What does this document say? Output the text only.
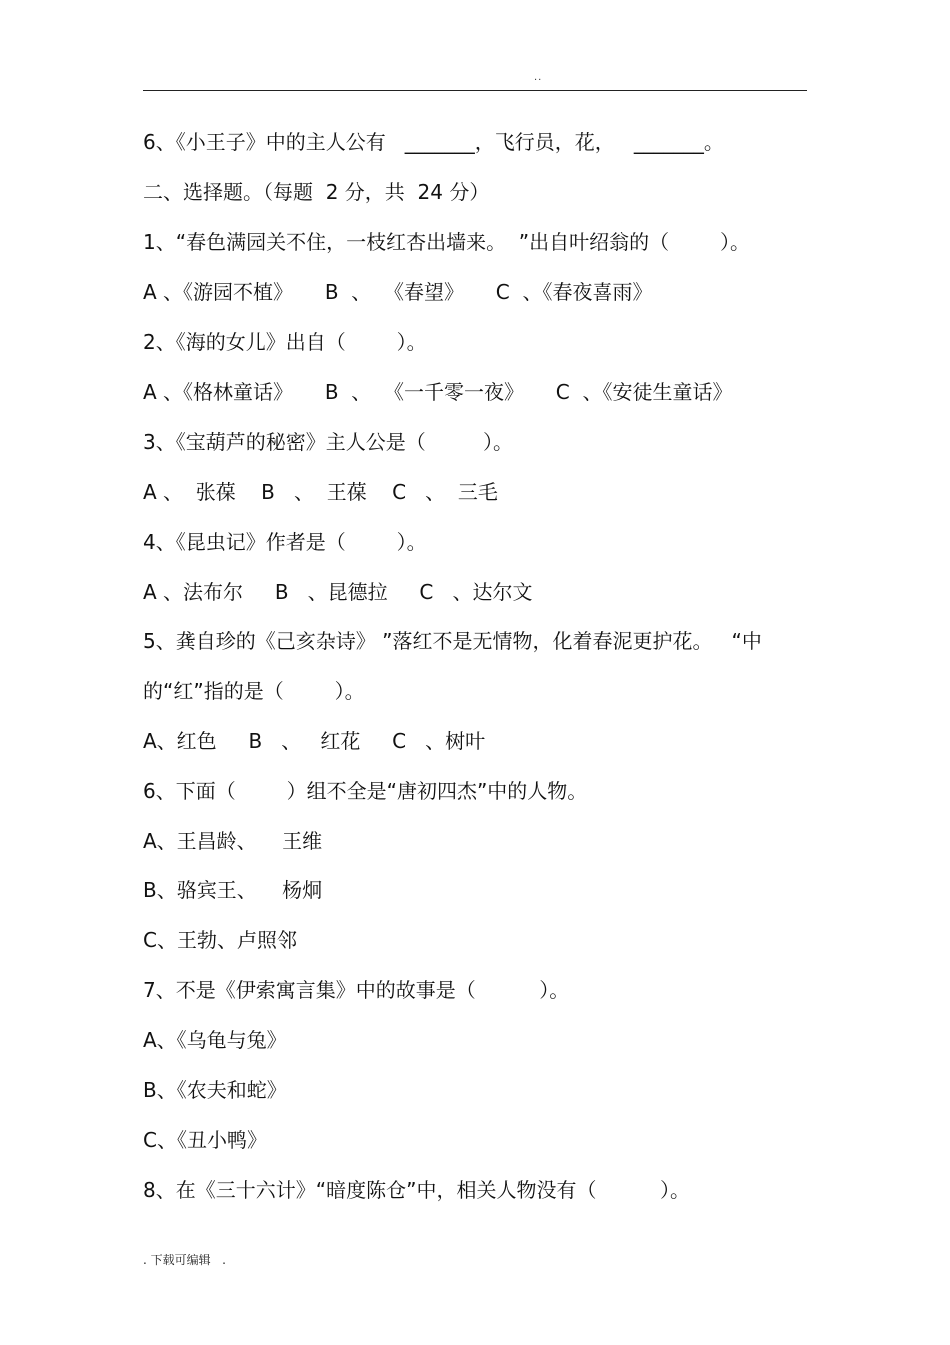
..
6、《小王子》中的主人公有   _______，飞行员，花，   _______。
二、选择题。（每题  2 分，共  24 分）
1、“春色满园关不住，一枝红杏出墙来。  ”出自叶绍翁的（        ）。
A 、《游园不植》     B  、  《春望》     C  、《春夜喜雨》
2、《海的女儿》出自（        ）。
A 、《格林童话》     B  、  《一千零一夜》     C  、《安徒生童话》
3、《宝葫芦的秘密》主人公是（         ）。
A 、  张葆    B   、  王葆    C   、  三毛
4、《昆虫记》作者是（        ）。
A 、法布尔     B   、昆德拉     C   、达尔文
5、龚自珍的《己亥杂诗》 ”落红不是无情物，化着春泥更护花。   “中
的“红”指的是（        ）。
A、红色     B   、   红花     C   、树叶
6、下面（        ）组不全是“唐初四杰”中的人物。
A、王昌龄、    王维
B、骆宾王、    杨炯
C、王勃、卢照邻
7、不是《伊索寓言集》中的故事是（          ）。
A、《乌龟与兔》
B、《农夫和蛇》
C、《丑小鸭》
8、在《三十六计》“暗度陈仓”中，相关人物没有（          ）。
. 下载可编辑   .
